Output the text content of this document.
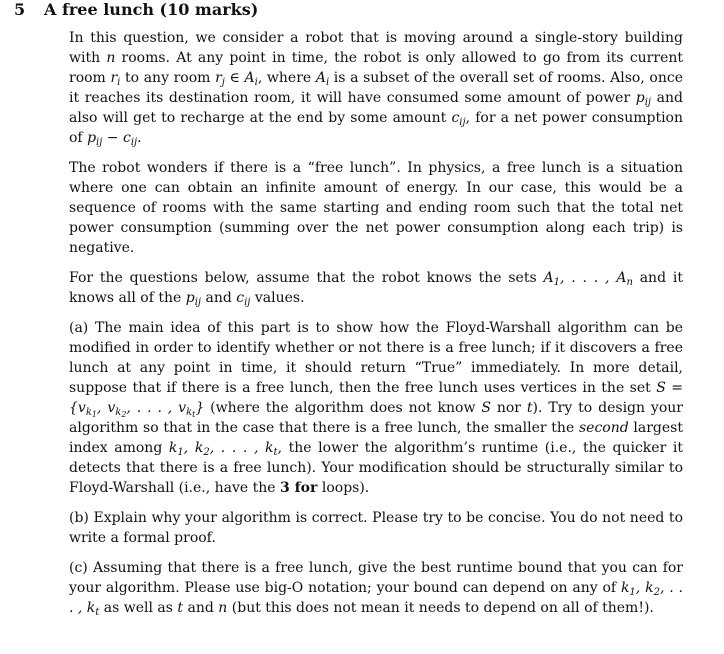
5 A free lunch (10 marks)

In this question, we consider a robot that is moving around a single-story building with n rooms. At any point in time, the robot is only allowed to go from its current room $r_i$ to any room $r_j$ ∈ $A_i$, where $A_i$ is a subset of the overall set of rooms. Also, once it reaches its destination room, it will have consumed some amount of power $p_{ij}$ and also will get to recharge at the end by some amount $c_{ij}$, for a net power consumption of $p_{ij} - c_{ij}$.

The robot wonders if there is a “free lunch”. In physics, a free lunch is a situation where one can obtain an infinite amount of energy. In our case, this would be a sequence of rooms with the same starting and ending room such that the total net power consumption (summing over the net power consumption along each trip) is negative.

For the questions below, assume that the robot knows the sets $A_1$, . . . , $A_n$ and it knows all of the $p_{ij}$ and $c_{ij}$ values.

(a) The main idea of this part is to show how the Floyd-Warshall algorithm can be modified in order to identify whether or not there is a free lunch; if it discovers a free lunch at any point in time, it should return “True” immediately. In more detail, suppose that if there is a free lunch, then the free lunch uses vertices in the set $S = \{v_{k_1}$, $v_{k_2}$, . . . , $v_{k_t}$} (where the algorithm does not know S nor t). Try to design your algorithm so that in the case that there is a free lunch, the smaller the second largest index among $k_1$, $k_2$, . . . , $k_t$, the lower the algorithm’s runtime (i.e., the quicker it detects that there is a free lunch). Your modification should be structurally similar to Floyd-Warshall (i.e., have the 3 for loops).

(b) Explain why your algorithm is correct. Please try to be concise. You do not need to write a formal proof.

(c) Assuming that there is a free lunch, give the best runtime bound that you can for your algorithm. Please use big-O notation; your bound can depend on any of $k_1$, $k_2$, . . . , $k_t$ as well as t and n (but this does not mean it needs to depend on all of them!).
